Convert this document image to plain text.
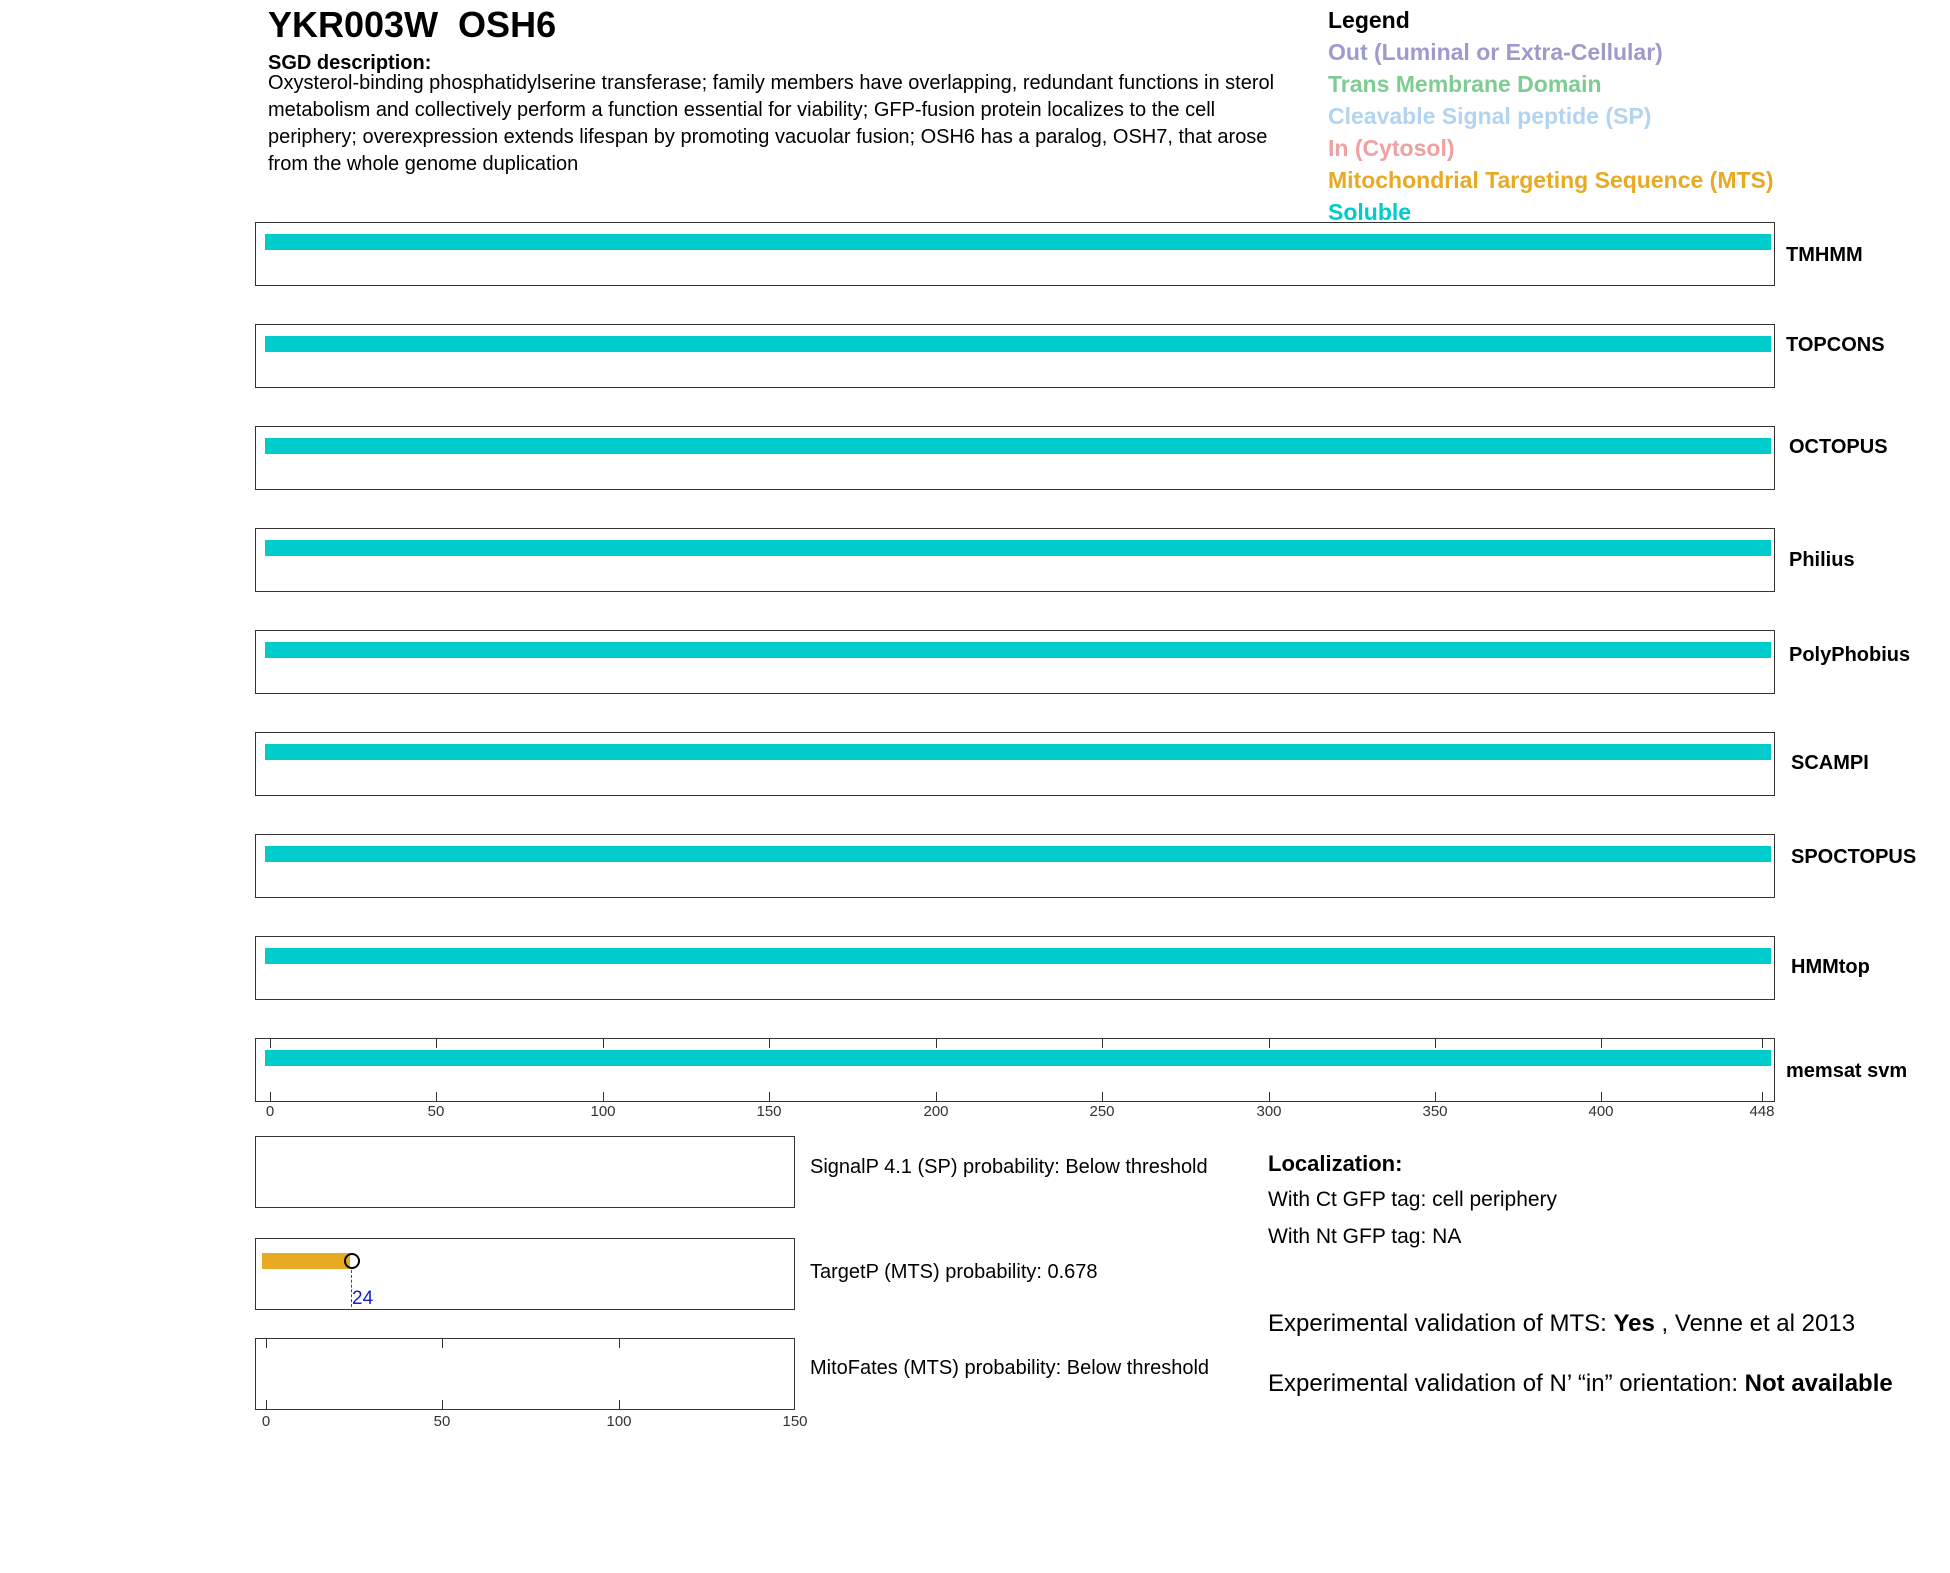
YKR003W  OSH6
SGD description:
Oxysterol-binding phosphatidylserine transferase; family members have overlapping, redundant functions in sterol metabolism and collectively perform a function essential for viability; GFP-fusion protein localizes to the cell periphery; overexpression extends lifespan by promoting vacuolar fusion; OSH6 has a paralog, OSH7, that arose from the whole genome duplication
Legend
Out (Luminal or Extra-Cellular)
Trans Membrane Domain
Cleavable Signal peptide (SP)
In (Cytosol)
Mitochondrial Targeting Sequence (MTS)
Soluble
TMHMM
TOPCONS
OCTOPUS
Philius
PolyPhobius
SCAMPI
SPOCTOPUS
HMMtop
memsat svm
0	50	100	150	200	250	300	350	400	448
SignalP 4.1 (SP) probability: Below threshold
24
TargetP (MTS) probability: 0.678
MitoFates (MTS) probability: Below threshold
0	50	100	150
Localization:
With Ct GFP tag: cell periphery
With Nt GFP tag: NA
Experimental validation of MTS: Yes , Venne et al 2013
Experimental validation of N’ “in” orientation: Not available
